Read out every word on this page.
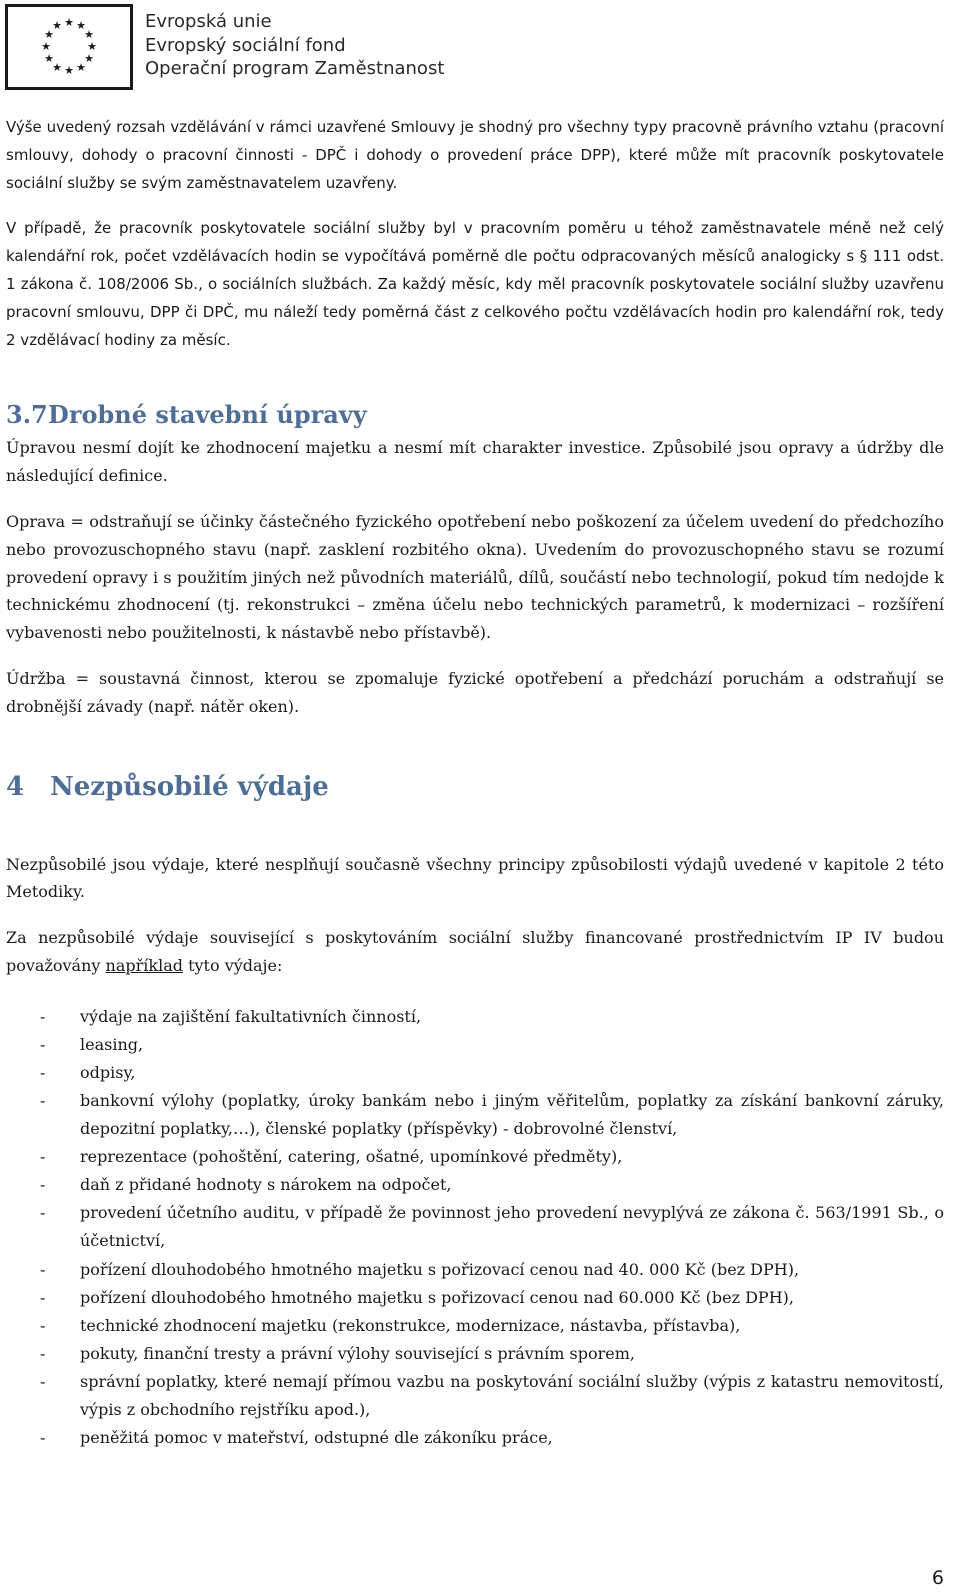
★ ★
★
★
★
★
★
★
★
★
★
★	Evropská unie
Evropský sociální fond
Operační program Zaměstnanost

Výše uvedený rozsah vzdělávání v rámci uzavřené Smlouvy je shodný pro všechny typy pracovně právního vztahu (pracovní smlouvy, dohody o pracovní činnosti - DPČ i dohody o provedení práce DPP), které může mít pracovník poskytovatele sociální služby se svým zaměstnavatelem uzavřeny.

V případě, že pracovník poskytovatele sociální služby byl v pracovním poměru u téhož zaměstnavatele méně než celý kalendářní rok, počet vzdělávacích hodin se vypočítává poměrně dle počtu odpracovaných měsíců analogicky s § 111 odst. 1 zákona č. 108/2006 Sb., o sociálních službách. Za každý měsíc, kdy měl pracovník poskytovatele sociální služby uzavřenu pracovní smlouvu, DPP či DPČ, mu náleží tedy poměrná část z celkového počtu vzdělávacích hodin pro kalendářní rok, tedy 2 vzdělávací hodiny za měsíc.

3.7Drobné stavební úpravy

Úpravou nesmí dojít ke zhodnocení majetku a nesmí mít charakter investice. Způsobilé jsou opravy a údržby dle následující definice.

Oprava = odstraňují se účinky částečného fyzického opotřebení nebo poškození za účelem uvedení do předchozího nebo provozuschopného stavu (např. zasklení rozbitého okna). Uvedením do provozuschopného stavu se rozumí provedení opravy i s použitím jiných než původních materiálů, dílů, součástí nebo technologií, pokud tím nedojde k technickému zhodnocení (tj. rekonstrukci – změna účelu nebo technických parametrů, k modernizaci – rozšíření vybavenosti nebo použitelnosti, k nástavbě nebo přístavbě).

Údržba = soustavná činnost, kterou se zpomaluje fyzické opotřebení a předchází poruchám a odstraňují se drobnější závady (např. nátěr oken).

4 Nezpůsobilé výdaje

Nezpůsobilé jsou výdaje, které nesplňují současně všechny principy způsobilosti výdajů uvedené v kapitole 2 této Metodiky.

Za nezpůsobilé výdaje související s poskytováním sociální služby financované prostřednictvím IP IV budou považovány například tyto výdaje:

- výdaje na zajištění fakultativních činností,
- leasing,
- odpisy,
- bankovní výlohy (poplatky, úroky bankám nebo i jiným věřitelům, poplatky za získání bankovní záruky, depozitní poplatky,…), členské poplatky (příspěvky) - dobrovolné členství,
- reprezentace (pohoštění, catering, ošatné, upomínkové předměty),
- daň z přidané hodnoty s nárokem na odpočet,
- provedení účetního auditu, v případě že povinnost jeho provedení nevyplývá ze zákona č. 563/1991 Sb., o účetnictví,
- pořízení dlouhodobého hmotného majetku s pořizovací cenou nad 40. 000 Kč (bez DPH),
- pořízení dlouhodobého hmotného majetku s pořizovací cenou nad 60.000 Kč (bez DPH),
- technické zhodnocení majetku (rekonstrukce, modernizace, nástavba, přístavba),
- pokuty, finanční tresty a právní výlohy související s právním sporem,
- správní poplatky, které nemají přímou vazbu na poskytování sociální služby (výpis z katastru nemovitostí, výpis z obchodního rejstříku apod.),
- peněžitá pomoc v mateřství, odstupné dle zákoníku práce,
6
